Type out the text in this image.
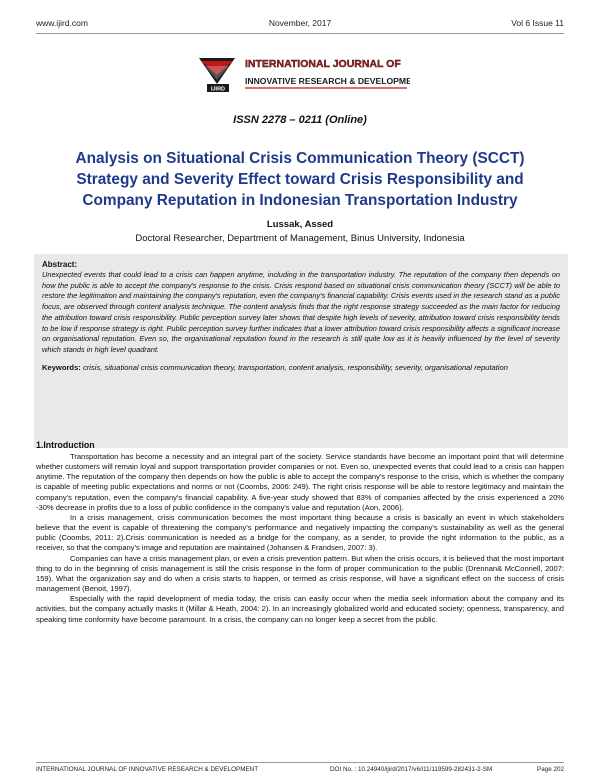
www.ijird.com	November, 2017	Vol 6 Issue 11
IJIRD
INTERNATIONAL JOURNAL OF
INNOVATIVE RESEARCH & DEVELOPMENT
ISSN 2278 – 0211 (Online)
Analysis on Situational Crisis Communication Theory (SCCT)
Strategy and Severity Effect toward Crisis Responsibility and
Company Reputation in Indonesian Transportation Industry
Lussak, Assed
Doctoral Researcher, Department of Management, Binus University, Indonesia
Abstract:
Unexpected events that could lead to a crisis can happen anytime, including in the transportation industry. The reputation of the company then depends on how the public is able to accept the company's response to the crisis. Crisis respond based on situational crisis communication theory (SCCT) will be able to restore the legitimation and maintaining the company's reputation, even the company's financial capability. Crisis events used in the research stand as a public focus, are observed through content analysis technique. The content analysis finds that the right response strategy succeeded as the main factor for reducing the attribution toward crisis responsibility. Public perception survey later shows that despite high levels of severity, attribution toward crisis responsibility tends to be low if response strategy is right. Public perception survey further indicates that a lower attribution toward crisis responsibility affects a significant increase on organisational reputation. Even so, the organisational reputation found in the research is still quite low as it is heavily influenced by the level of severity which stands in high level quadrant.
Keywords: crisis, situational crisis communication theory, transportation, content analysis, responsibility, severity, organisational reputation
1.Introduction

Transportation has become a necessity and an integral part of the society. Service standards have become an important point that will determine whether customers will remain loyal and support transportation provider companies or not. Even so, unexpected events that could lead to a crisis can happen anytime. The reputation of the company then depends on how the public is able to accept the company's response to the crisis, which is whether the company is capable of meeting public expectations and norms or not (Coombs, 2006: 249). The right crisis response will be able to restore legitimacy and maintain the company's reputation, even the company's financial capability. A five-year study showed that 83% of companies affected by the crisis experienced a 20% -30% decrease in profits due to a loss of public confidence in the company's value and reputation (Aon, 2006).

In a crisis management, crisis communication becomes the most important thing because a crisis is basically an event in which stakeholders believe that the event is capable of threatening the company's performance and negatively impacting the company's sustainability as well as the general public (Coombs, 2011: 2).Crisis communication is needed as a bridge for the company, as a sender, to provide the right information to the public, as a receiver, so that the company's image and reputation are maintained (Johansen & Frandsen, 2007: 3).

Companies can have a crisis management plan, or even a crisis prevention pattern. But when the crisis occurs, it is believed that the most important thing to do in the beginning of crisis management is still the crisis response in the form of proper communication to the public (Drennan& McConnell, 2007: 159). What the organization say and do when a crisis starts to happen, or termed as crisis response, will have a significant effect on the success of crisis management (Benoit, 1997).

Especially with the rapid development of media today, the crisis can easily occur when the media seek information about the company and its activities, but the company actually masks it (Millar & Heath, 2004: 2). In an increasingly globalized world and educated society; openness, transparency, and speaking time conformity have become paramount. In a crisis, the company can no longer keep a secret from the public.

INTERNATIONAL JOURNAL OF INNOVATIVE RESEARCH & DEVELOPMENT	DOI No. : 10.24940/ijird/2017/v6/i11/119599-282431-2-SM	Page 202
